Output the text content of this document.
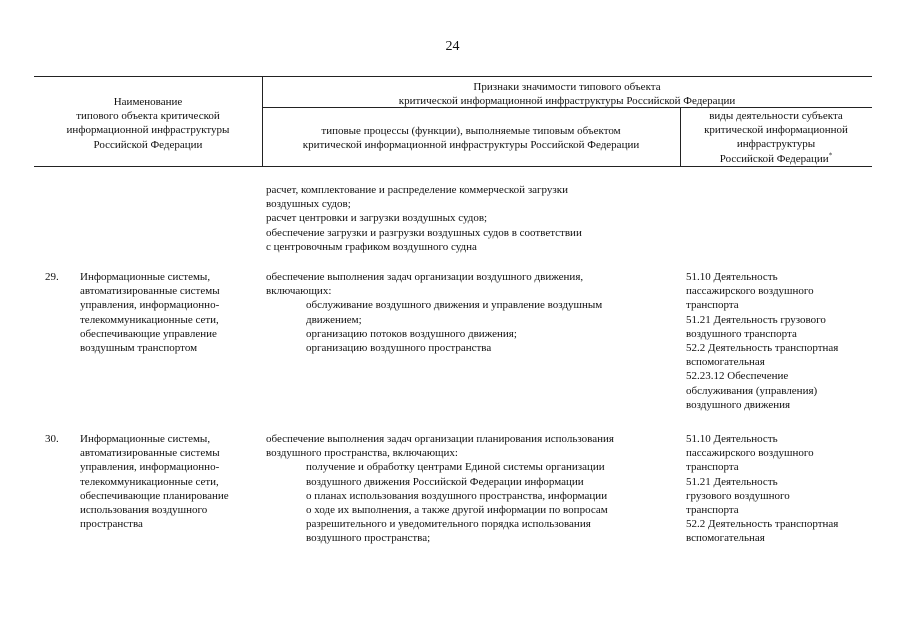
24
Наименование
типового объекта критической
информационной инфраструктуры
Российской Федерации
Признаки значимости типового объекта
критической информационной инфраструктуры Российской Федерации
типовые процессы (функции), выполняемые типовым объектом
критической информационной инфраструктуры Российской Федерации
виды деятельности субъекта
критической информационной
инфраструктуры
Российской Федерации*
расчет, комплектование и распределение коммерческой загрузки
воздушных судов;
расчет центровки и загрузки воздушных судов;
обеспечение загрузки и разгрузки воздушных судов в соответствии
с центровочным графиком воздушного судна
29. Информационные системы,
автоматизированные системы
управления, информационно-
телекоммуникационные сети,
обеспечивающие управление
воздушным транспортом
обеспечение выполнения задач организации воздушного движения,
включающих:
обслуживание воздушного движения и управление воздушным
движением;
организацию потоков воздушного движения;
организацию воздушного пространства
51.10 Деятельность
пассажирского воздушного
транспорта
51.21 Деятельность грузового
воздушного транспорта
52.2 Деятельность транспортная
вспомогательная
52.23.12 Обеспечение
обслуживания (управления)
воздушного движения
30. Информационные системы,
автоматизированные системы
управления, информационно-
телекоммуникационные сети,
обеспечивающие планирование
использования воздушного
пространства
обеспечение выполнения задач организации планирования использования
воздушного пространства, включающих:
получение и обработку центрами Единой системы организации
воздушного движения Российской Федерации информации
о планах использования воздушного пространства, информации
о ходе их выполнения, а также другой информации по вопросам
разрешительного и уведомительного порядка использования
воздушного пространства;
51.10 Деятельность
пассажирского воздушного
транспорта
51.21 Деятельность
грузового воздушного
транспорта
52.2 Деятельность транспортная
вспомогательная
